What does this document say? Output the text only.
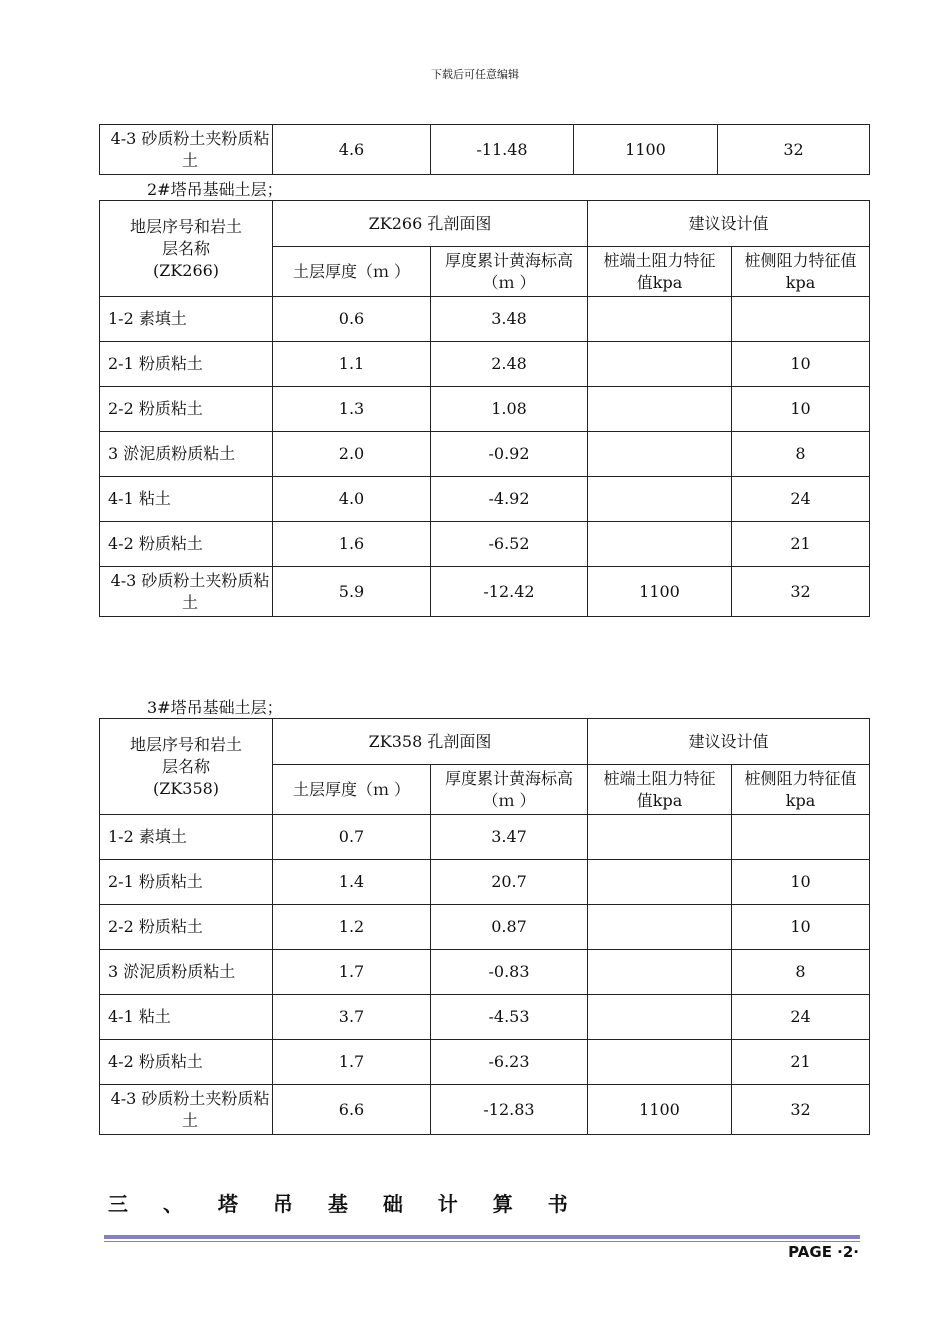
下载后可任意编辑
4-3 砂质粉土夹粉质粘土	4.6	-11.48	1100	32
2#塔吊基础土层；
地层序号和岩土层名称(ZK266)	ZK266 孔剖面图		建议设计值	
	土层厚度（ｍ ）	厚度累计黄海标高（ｍ ）	桩端土阻力特征值kpa	桩侧阻力特征值kpa
1-2 素填土	0.6	3.48		
2-1 粉质粘土	1.1	2.48		10
2-2 粉质粘土	1.3	1.08		10
3 淤泥质粉质粘土	2.0	-0.92		8
4-1 粘土	4.0	-4.92		24
4-2 粉质粘土	1.6	-6.52		21
4-3 砂质粉土夹粉质粘土	5.9	-12.42	1100	32
3#塔吊基础土层；
地层序号和岩土层名称(ZK358)	ZK358 孔剖面图		建议设计值	
	土层厚度（ｍ ）	厚度累计黄海标高（ｍ ）	桩端土阻力特征值kpa	桩侧阻力特征值kpa
1-2 素填土	0.7	3.47		
2-1 粉质粘土	1.4	20.7		10
2-2 粉质粘土	1.2	0.87		10
3 淤泥质粉质粘土	1.7	-0.83		8
4-1 粘土	3.7	-4.53		24
4-2 粉质粘土	1.7	-6.23		21
4-3 砂质粉土夹粉质粘土	6.6	-12.83	1100	32
三 、 塔 吊 基 础 计 算 书
PAGE ·2·
